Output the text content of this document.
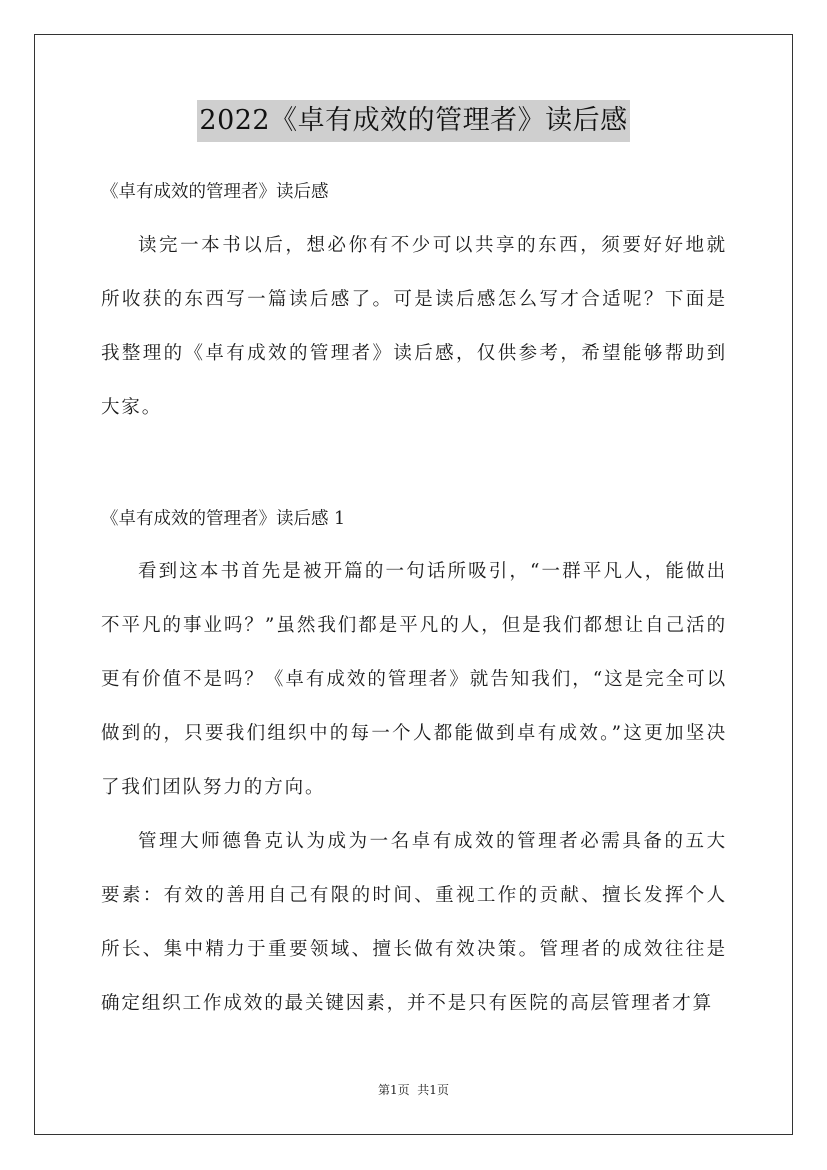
2022《卓有成效的管理者》读后感

《卓有成效的管理者》读后感

读完一本书以后，想必你有不少可以共享的东西，须要好好地就所收获的东西写一篇读后感了。可是读后感怎么写才合适呢？下面是我整理的《卓有成效的管理者》读后感，仅供参考，希望能够帮助到大家。

《卓有成效的管理者》读后感 1

看到这本书首先是被开篇的一句话所吸引，“一群平凡人，能做出不平凡的事业吗？”虽然我们都是平凡的人，但是我们都想让自己活的更有价值不是吗？《卓有成效的管理者》就告知我们，“这是完全可以做到的，只要我们组织中的每一个人都能做到卓有成效。”这更加坚决了我们团队努力的方向。

管理大师德鲁克认为成为一名卓有成效的管理者必需具备的五大要素：有效的善用自己有限的时间、重视工作的贡献、擅长发挥个人所长、集中精力于重要领域、擅长做有效决策。管理者的成效往往是确定组织工作成效的最关键因素，并不是只有医院的高层管理者才算

第1页  共1页
